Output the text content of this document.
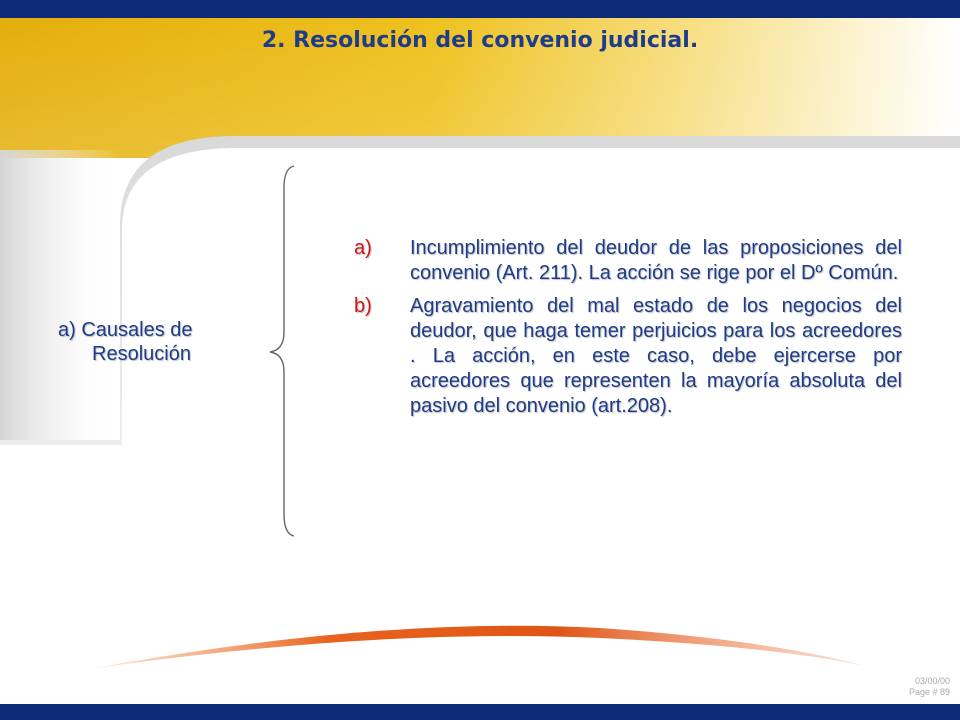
2. Resolución del convenio judicial.
a) Causales de
Resolución
a) Incumplimiento del deudor de las proposiciones del convenio (Art. 211). La acción se rige por el Dº Común.
b) Agravamiento del mal estado de los negocios del deudor, que haga temer perjuicios para los acreedores . La acción, en este caso, debe ejercerse por acreedores que representen la mayoría absoluta del pasivo del convenio (art.208).
03/00/00
Page # 89
